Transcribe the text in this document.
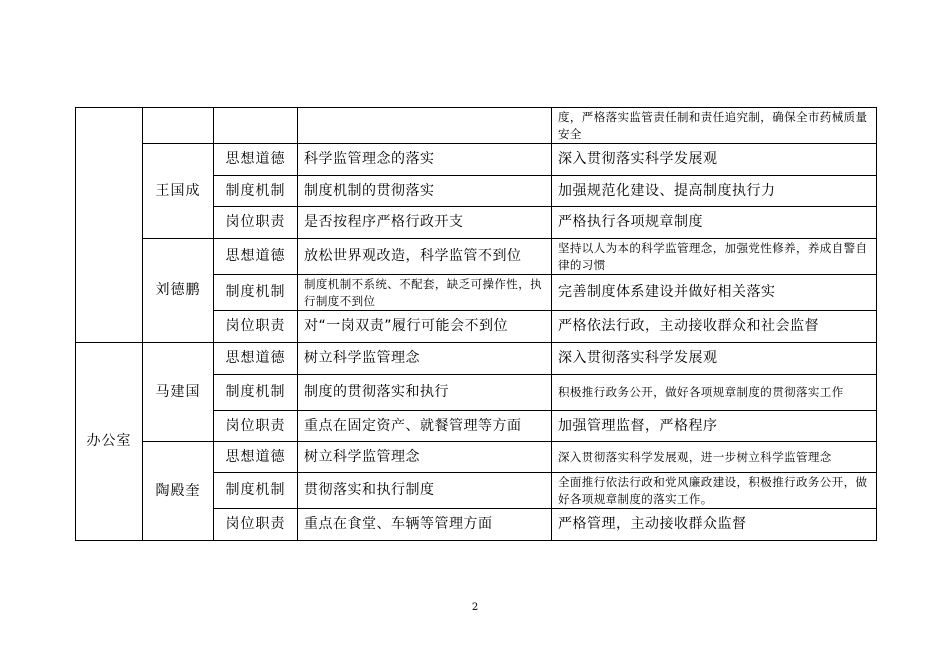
				度，严格落实监管责任制和责任追究制，确保全市药械质量安全
	王国成	思想道德	科学监管理念的落实	深入贯彻落实科学发展观
		制度机制	制度机制的贯彻落实	加强规范化建设、提高制度执行力
		岗位职责	是否按程序严格行政开支	严格执行各项规章制度
	刘德鹏	思想道德	放松世界观改造，科学监管不到位	坚持以人为本的科学监管理念，加强党性修养，养成自警自律的习惯
		制度机制	制度机制不系统、不配套，缺乏可操作性，执行制度不到位	完善制度体系建设并做好相关落实
		岗位职责	对“一岗双责”履行可能会不到位	严格依法行政，主动接收群众和社会监督
办公室	马建国	思想道德	树立科学监管理念	深入贯彻落实科学发展观
		制度机制	制度的贯彻落实和执行	积极推行政务公开，做好各项规章制度的贯彻落实工作
		岗位职责	重点在固定资产、就餐管理等方面	加强管理监督，严格程序
	陶殿奎	思想道德	树立科学监管理念	深入贯彻落实科学发展观，进一步树立科学监管理念
		制度机制	贯彻落实和执行制度	全面推行依法行政和党风廉政建设，积极推行政务公开，做好各项规章制度的落实工作。
		岗位职责	重点在食堂、车辆等管理方面	严格管理，主动接收群众监督
2
